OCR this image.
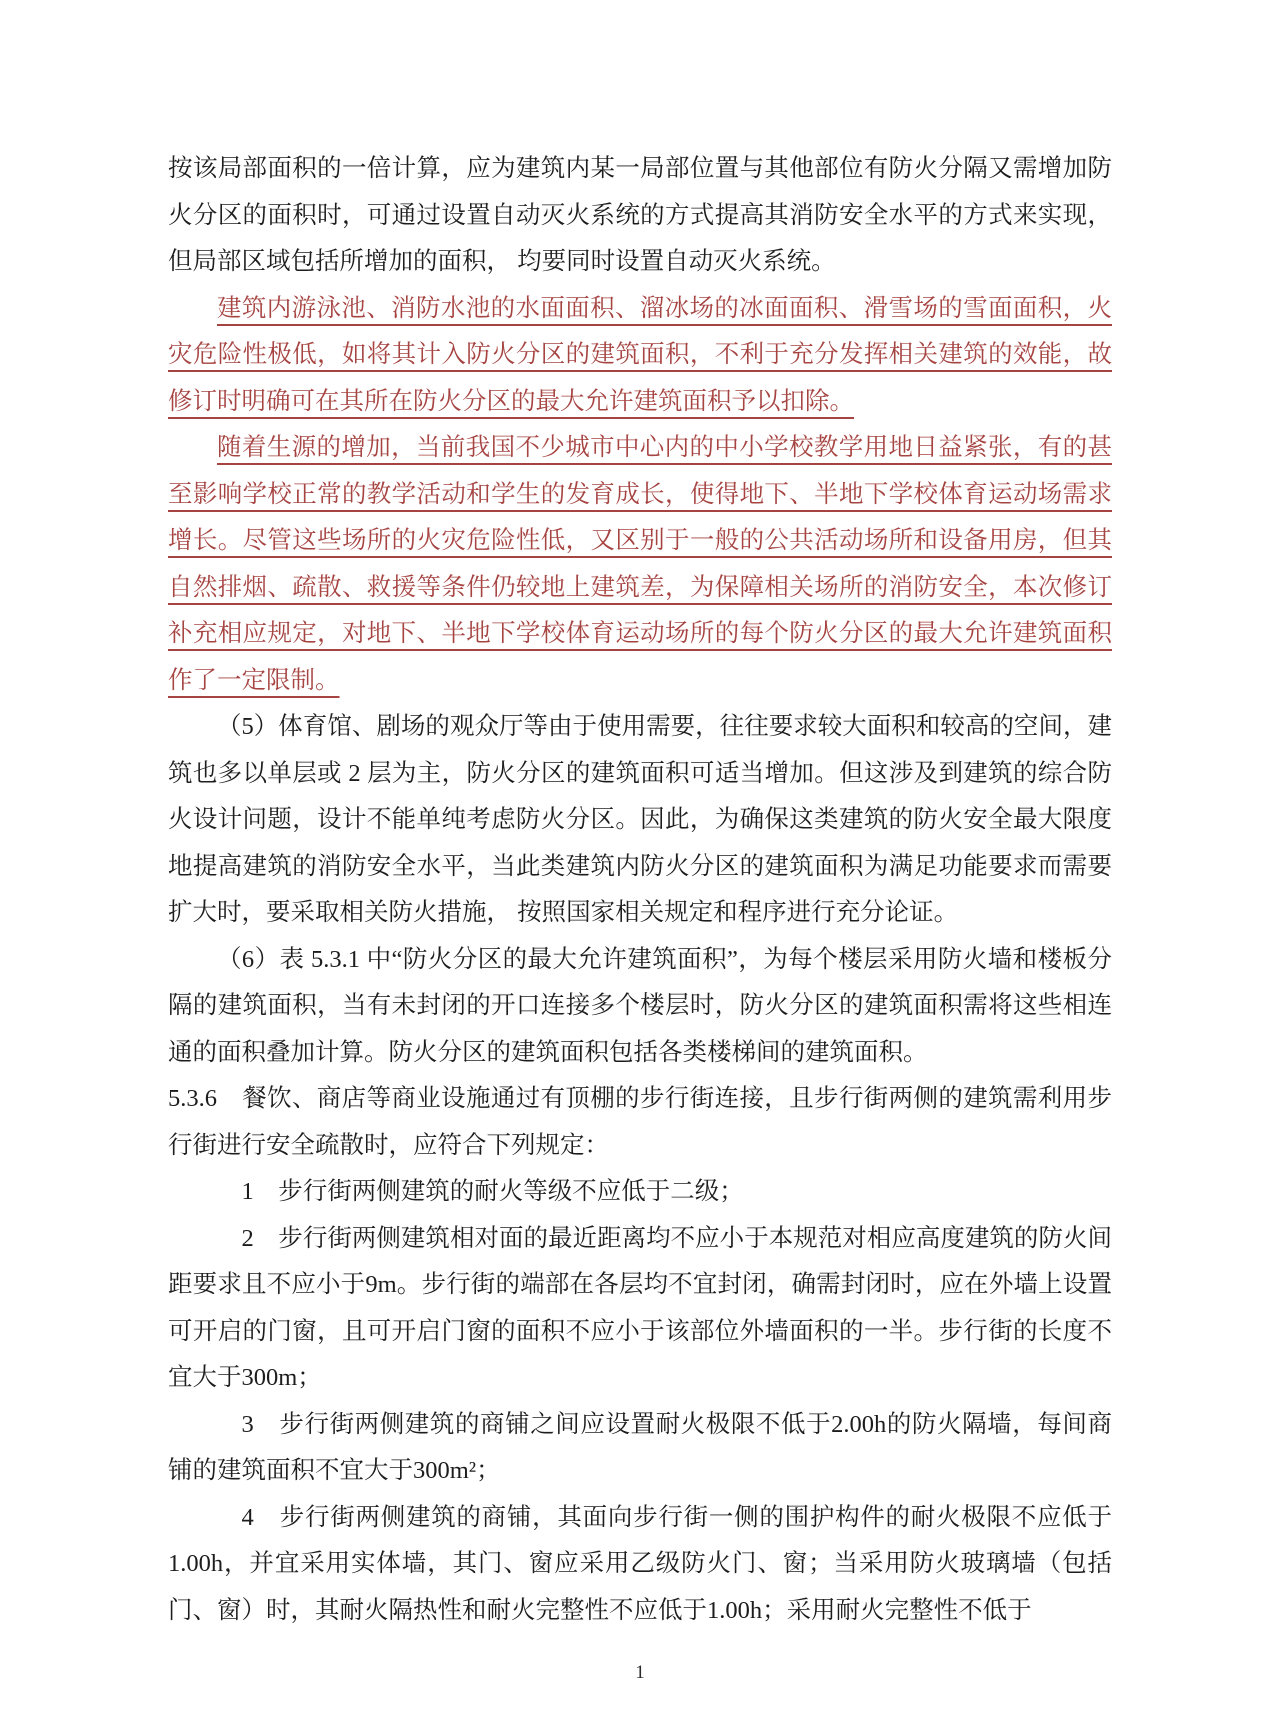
按该局部面积的一倍计算，应为建筑内某一局部位置与其他部位有防火分隔又需增加防火分区的面积时，可通过设置自动灭火系统的方式提高其消防安全水平的方式来实现， 但局部区域包括所增加的面积， 均要同时设置自动灭火系统。

建筑内游泳池、消防水池的水面面积、溜冰场的冰面面积、滑雪场的雪面面积，火灾危险性极低，如将其计入防火分区的建筑面积，不利于充分发挥相关建筑的效能，故修订时明确可在其所在防火分区的最大允许建筑面积予以扣除。

随着生源的增加，当前我国不少城市中心内的中小学校教学用地日益紧张，有的甚至影响学校正常的教学活动和学生的发育成长，使得地下、半地下学校体育运动场需求增长。尽管这些场所的火灾危险性低，又区别于一般的公共活动场所和设备用房，但其自然排烟、疏散、救援等条件仍较地上建筑差，为保障相关场所的消防安全，本次修订补充相应规定，对地下、半地下学校体育运动场所的每个防火分区的最大允许建筑面积作了一定限制。

（5）体育馆、剧场的观众厅等由于使用需要，往往要求较大面积和较高的空间，建筑也多以单层或 2 层为主，防火分区的建筑面积可适当增加。但这涉及到建筑的综合防火设计问题，设计不能单纯考虑防火分区。因此，为确保这类建筑的防火安全最大限度地提高建筑的消防安全水平，当此类建筑内防火分区的建筑面积为满足功能要求而需要扩大时，要采取相关防火措施， 按照国家相关规定和程序进行充分论证。

（6）表 5.3.1 中“防火分区的最大允许建筑面积”，为每个楼层采用防火墙和楼板分隔的建筑面积，当有未封闭的开口连接多个楼层时，防火分区的建筑面积需将这些相连通的面积叠加计算。防火分区的建筑面积包括各类楼梯间的建筑面积。

5.3.6　餐饮、商店等商业设施通过有顶棚的步行街连接，且步行街两侧的建筑需利用步行街进行安全疏散时，应符合下列规定：

1　步行街两侧建筑的耐火等级不应低于二级；

2　步行街两侧建筑相对面的最近距离均不应小于本规范对相应高度建筑的防火间距要求且不应小于9m。步行街的端部在各层均不宜封闭，确需封闭时，应在外墙上设置可开启的门窗，且可开启门窗的面积不应小于该部位外墙面积的一半。步行街的长度不宜大于300m；

3　步行街两侧建筑的商铺之间应设置耐火极限不低于2.00h的防火隔墙，每间商铺的建筑面积不宜大于300m²；

4　步行街两侧建筑的商铺，其面向步行街一侧的围护构件的耐火极限不应低于1.00h，并宜采用实体墙，其门、窗应采用乙级防火门、窗；当采用防火玻璃墙（包括门、窗）时，其耐火隔热性和耐火完整性不应低于1.00h；采用耐火完整性不低于

1
